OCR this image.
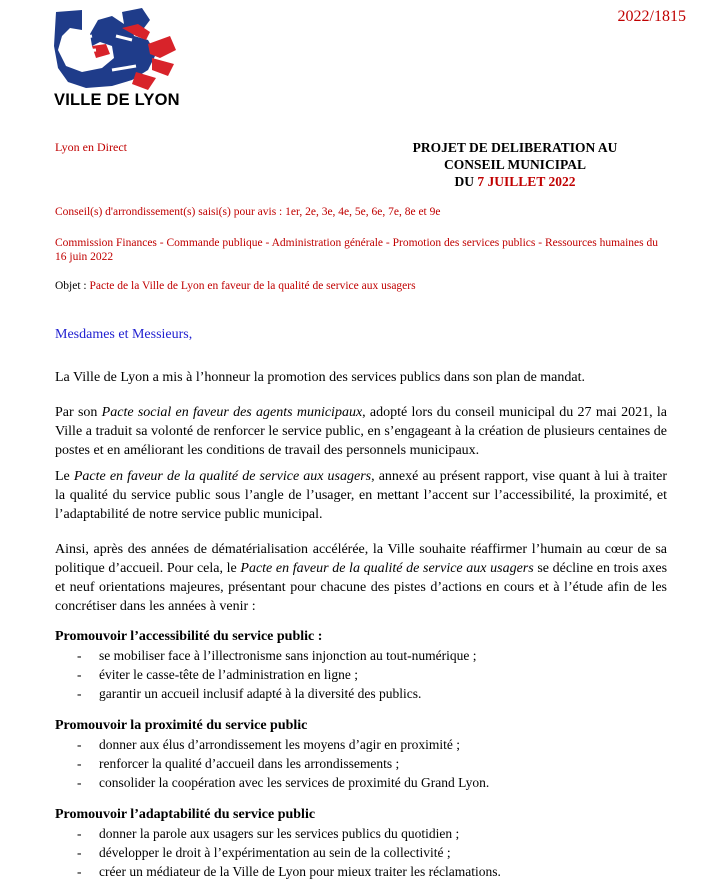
VILLE DE LYON
2022/1815
Lyon en Direct	PROJET DE DELIBERATION AU
CONSEIL MUNICIPAL
DU 7 JUILLET 2022
Conseil(s) d'arrondissement(s) saisi(s) pour avis : 1er, 2e, 3e, 4e, 5e, 6e, 7e, 8e et 9e
Commission Finances - Commande publique - Administration générale - Promotion des services publics - Ressources humaines du 16 juin 2022
Objet : Pacte de la Ville de Lyon en faveur de la qualité de service aux usagers
Mesdames et Messieurs,
La Ville de Lyon a mis à l’honneur la promotion des services publics dans son plan de mandat.
Par son Pacte social en faveur des agents municipaux, adopté lors du conseil municipal du 27 mai 2021, la Ville a traduit sa volonté de renforcer le service public, en s’engageant à la création de plusieurs centaines de postes et en améliorant les conditions de travail des personnels municipaux.
Le Pacte en faveur de la qualité de service aux usagers, annexé au présent rapport, vise quant à lui à traiter la qualité du service public sous l’angle de l’usager, en mettant l’accent sur l’accessibilité, la proximité, et l’adaptabilité de notre service public municipal.
Ainsi, après des années de dématérialisation accélérée, la Ville souhaite réaffirmer l’humain au cœur de sa politique d’accueil. Pour cela, le Pacte en faveur de la qualité de service aux usagers se décline en trois axes et neuf orientations majeures, présentant pour chacune des pistes d’actions en cours et à l’étude afin de les concrétiser dans les années à venir :
Promouvoir l’accessibilité du service public :
- se mobiliser face à l’illectronisme sans injonction au tout-numérique ;
- éviter le casse-tête de l’administration en ligne ;
- garantir un accueil inclusif adapté à la diversité des publics.
Promouvoir la proximité du service public
- donner aux élus d’arrondissement les moyens d’agir en proximité ;
- renforcer la qualité d’accueil dans les arrondissements ;
- consolider la coopération avec les services de proximité du Grand Lyon.
Promouvoir l’adaptabilité du service public
- donner la parole aux usagers sur les services publics du quotidien ;
- développer le droit à l’expérimentation au sein de la collectivité ;
- créer un médiateur de la Ville de Lyon pour mieux traiter les réclamations.
